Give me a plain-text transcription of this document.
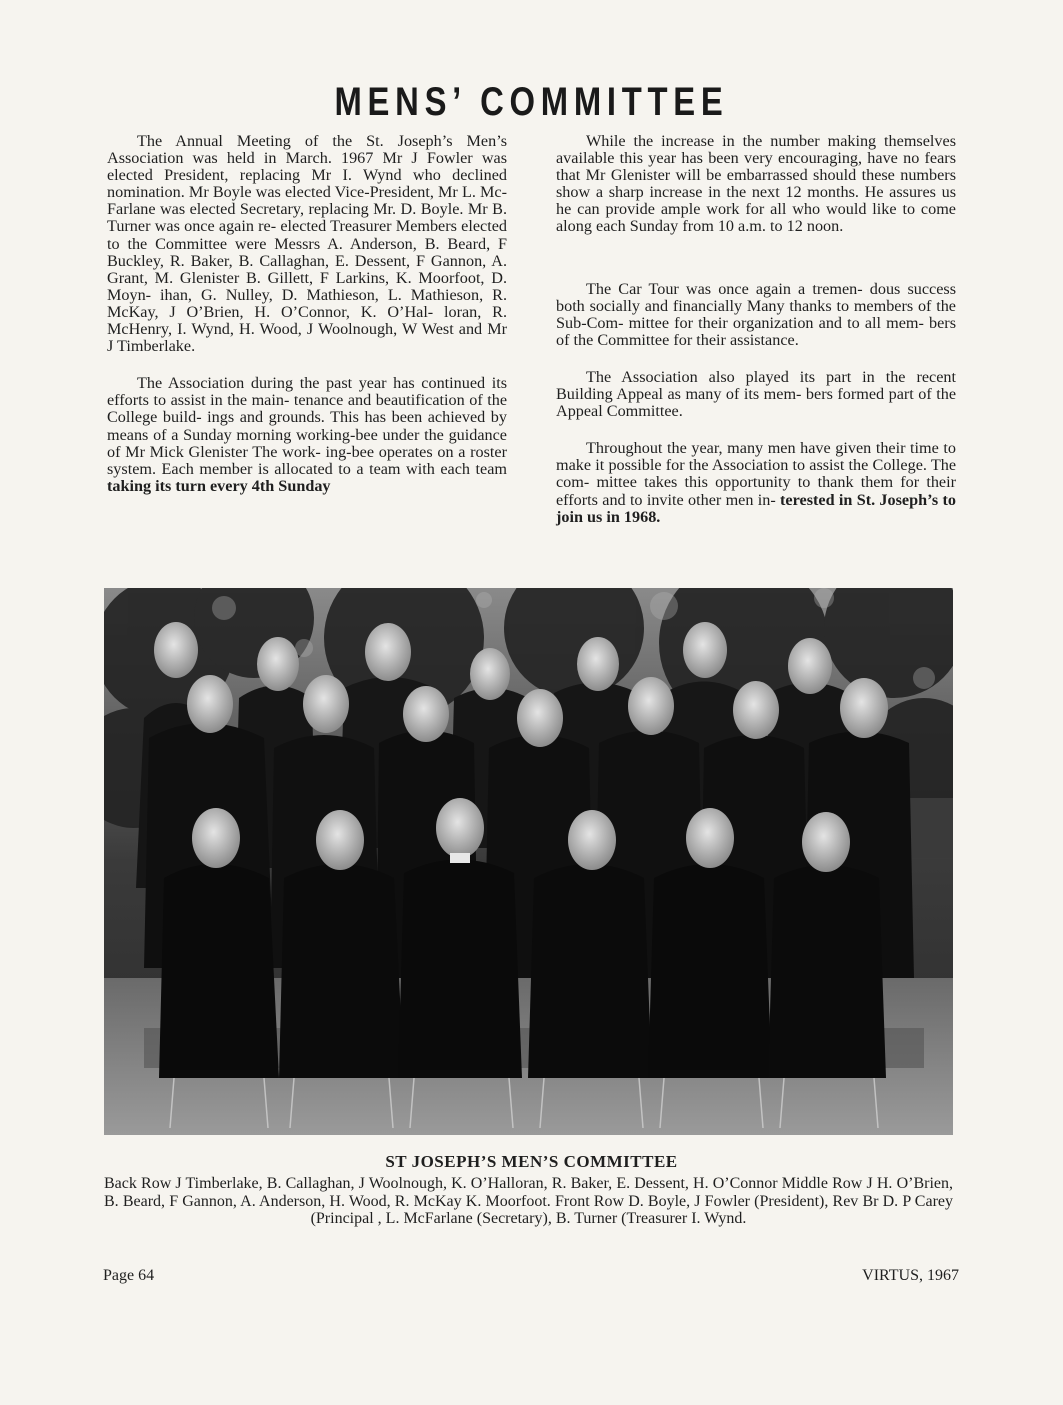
MENS’ COMMITTEE

The Annual Meeting of the St. Joseph’s Men’s Association was held in March. 1967 Mr J Fowler was elected President, replacing Mr I. Wynd who declined nomination. Mr Boyle was elected Vice-President, Mr L. Mc- Farlane was elected Secretary, replacing Mr. D. Boyle. Mr B. Turner was once again re- elected Treasurer Members elected to the Committee were Messrs A. Anderson, B. Beard, F Buckley, R. Baker, B. Callaghan, E. Dessent, F Gannon, A. Grant, M. Glenister B. Gillett, F Larkins, K. Moorfoot, D. Moyn- ihan, G. Nulley, D. Mathieson, L. Mathieson, R. McKay, J O’Brien, H. O’Connor, K. O’Hal- loran, R. McHenry, I. Wynd, H. Wood, J Woolnough, W West and Mr J Timberlake.

The Association during the past year has continued its efforts to assist in the main- tenance and beautification of the College build- ings and grounds. This has been achieved by means of a Sunday morning working-bee under the guidance of Mr Mick Glenister The work- ing-bee operates on a roster system. Each member is allocated to a team with each team taking its turn every 4th Sunday

While the increase in the number making themselves available this year has been very encouraging, have no fears that Mr Glenister will be embarrassed should these numbers show a sharp increase in the next 12 months. He assures us he can provide ample work for all who would like to come along each Sunday from 10 a.m. to 12 noon.

The Car Tour was once again a tremen- dous success both socially and financially Many thanks to members of the Sub-Com- mittee for their organization and to all mem- bers of the Committee for their assistance.

The Association also played its part in the recent Building Appeal as many of its mem- bers formed part of the Appeal Committee.

Throughout the year, many men have given their time to make it possible for the Association to assist the College. The com- mittee takes this opportunity to thank them for their efforts and to invite other men in- terested in St. Joseph’s to join us in 1968.

ST JOSEPH’S MEN’S COMMITTEE
Back Row J Timberlake, B. Callaghan, J Woolnough, K. O’Halloran, R. Baker, E. Dessent, H. O’Connor Middle Row J H. O’Brien, B. Beard, F Gannon, A. Anderson, H. Wood, R. McKay K. Moorfoot. Front Row D. Boyle, J Fowler (President), Rev Br D. P Carey (Principal , L. McFarlane (Secretary), B. Turner (Treasurer I. Wynd.
Page 64	VIRTUS, 1967
